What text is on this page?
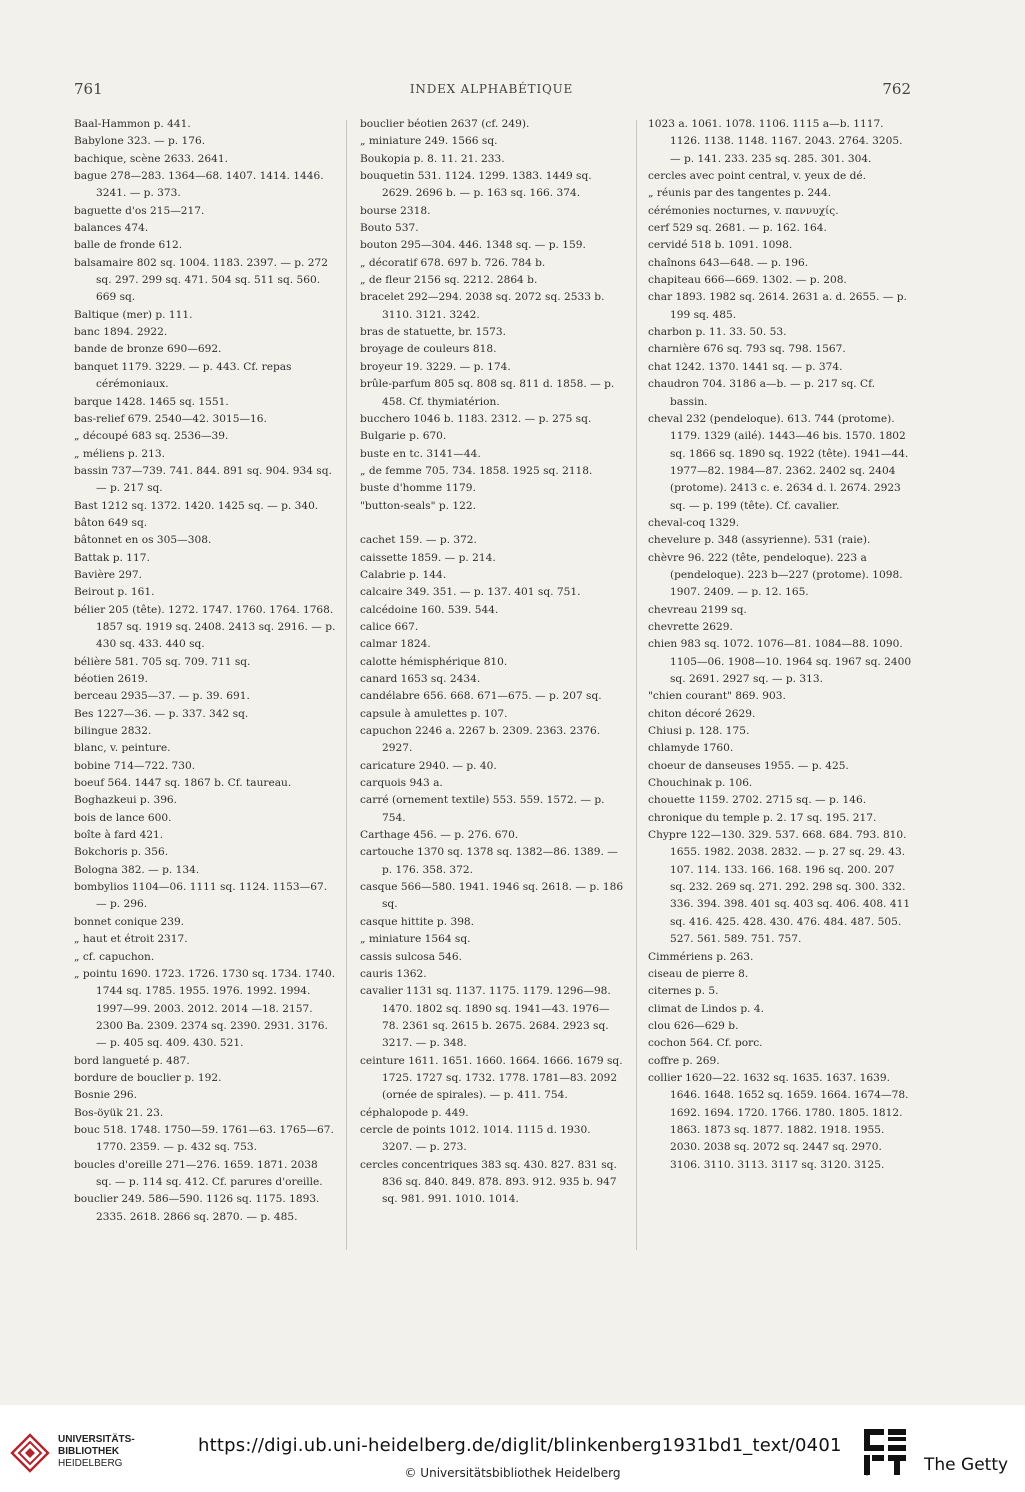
761	INDEX ALPHABÉTIQUE	762
Baal-Hammon p. 441.
Babylone 323. — p. 176.
bachique, scène 2633. 2641.
bague 278—283. 1364—68. 1407. 1414. 1446. 3241. — p. 373.
baguette d'os 215—217.
balances 474.
balle de fronde 612.
balsamaire 802 sq. 1004. 1183. 2397. — p. 272 sq. 297. 299 sq. 471. 504 sq. 511 sq. 560. 669 sq.
Baltique (mer) p. 111.
banc 1894. 2922.
bande de bronze 690—692.
banquet 1179. 3229. — p. 443. Cf. repas cérémoniaux.
barque 1428. 1465 sq. 1551.
bas-relief 679. 2540—42. 3015—16.
„ découpé 683 sq. 2536—39.
„ méliens p. 213.
bassin 737—739. 741. 844. 891 sq. 904. 934 sq. — p. 217 sq.
Bast 1212 sq. 1372. 1420. 1425 sq. — p. 340.
bâton 649 sq.
bâtonnet en os 305—308.
Battak p. 117.
Bavière 297.
Beirout p. 161.
bélier 205 (tête). 1272. 1747. 1760. 1764. 1768. 1857 sq. 1919 sq. 2408. 2413 sq. 2916. — p. 430 sq. 433. 440 sq.
bélière 581. 705 sq. 709. 711 sq.
béotien 2619.
berceau 2935—37. — p. 39. 691.
Bes 1227—36. — p. 337. 342 sq.
bilingue 2832.
blanc, v. peinture.
bobine 714—722. 730.
boeuf 564. 1447 sq. 1867 b. Cf. taureau.
Boghazkeui p. 396.
bois de lance 600.
boîte à fard 421.
Bokchoris p. 356.
Bologna 382. — p. 134.
bombylios 1104—06. 1111 sq. 1124. 1153—67. — p. 296.
bonnet conique 239.
„ haut et étroit 2317.
„ cf. capuchon.
„ pointu 1690. 1723. 1726. 1730 sq. 1734. 1740. 1744 sq. 1785. 1955. 1976. 1992. 1994. 1997—99. 2003. 2012. 2014 —18. 2157. 2300 Ba. 2309. 2374 sq. 2390. 2931. 3176. — p. 405 sq. 409. 430. 521.
bord langueté p. 487.
bordure de bouclier p. 192.
Bosnie 296.
Bos-öyük 21. 23.
bouc 518. 1748. 1750—59. 1761—63. 1765—67. 1770. 2359. — p. 432 sq. 753.
boucles d'oreille 271—276. 1659. 1871. 2038 sq. — p. 114 sq. 412. Cf. parures d'oreille.
bouclier 249. 586—590. 1126 sq. 1175. 1893. 2335. 2618. 2866 sq. 2870. — p. 485.
bouclier béotien 2637 (cf. 249).
„ miniature 249. 1566 sq.
Boukopia p. 8. 11. 21. 233.
bouquetin 531. 1124. 1299. 1383. 1449 sq. 2629. 2696 b. — p. 163 sq. 166. 374.
bourse 2318.
Bouto 537.
bouton 295—304. 446. 1348 sq. — p. 159.
„ décoratif 678. 697 b. 726. 784 b.
„ de fleur 2156 sq. 2212. 2864 b.
bracelet 292—294. 2038 sq. 2072 sq. 2533 b. 3110. 3121. 3242.
bras de statuette, br. 1573.
broyage de couleurs 818.
broyeur 19. 3229. — p. 174.
brûle-parfum 805 sq. 808 sq. 811 d. 1858. — p. 458. Cf. thymiatérion.
bucchero 1046 b. 1183. 2312. — p. 275 sq.
Bulgarie p. 670.
buste en tc. 3141—44.
„ de femme 705. 734. 1858. 1925 sq. 2118.
buste d'homme 1179.
"button-seals" p. 122.
cachet 159. — p. 372.
caissette 1859. — p. 214.
Calabrie p. 144.
calcaire 349. 351. — p. 137. 401 sq. 751.
calcédoine 160. 539. 544.
calice 667.
calmar 1824.
calotte hémisphérique 810.
canard 1653 sq. 2434.
candélabre 656. 668. 671—675. — p. 207 sq.
capsule à amulettes p. 107.
capuchon 2246 a. 2267 b. 2309. 2363. 2376. 2927.
caricature 2940. — p. 40.
carquois 943 a.
carré (ornement textile) 553. 559. 1572. — p. 754.
Carthage 456. — p. 276. 670.
cartouche 1370 sq. 1378 sq. 1382—86. 1389. — p. 176. 358. 372.
casque 566—580. 1941. 1946 sq. 2618. — p. 186 sq.
casque hittite p. 398.
„ miniature 1564 sq.
cassis sulcosa 546.
cauris 1362.
cavalier 1131 sq. 1137. 1175. 1179. 1296—98. 1470. 1802 sq. 1890 sq. 1941—43. 1976—78. 2361 sq. 2615 b. 2675. 2684. 2923 sq. 3217. — p. 348.
ceinture 1611. 1651. 1660. 1664. 1666. 1679 sq. 1725. 1727 sq. 1732. 1778. 1781—83. 2092 (ornée de spirales). — p. 411. 754.
céphalopode p. 449.
cercle de points 1012. 1014. 1115 d. 1930. 3207. — p. 273.
cercles concentriques 383 sq. 430. 827. 831 sq. 836 sq. 840. 849. 878. 893. 912. 935 b. 947 sq. 981. 991. 1010. 1014.
1023 a. 1061. 1078. 1106. 1115 a—b. 1117. 1126. 1138. 1148. 1167. 2043. 2764. 3205. — p. 141. 233. 235 sq. 285. 301. 304.
cercles avec point central, v. yeux de dé.
„ réunis par des tangentes p. 244.
cérémonies nocturnes, v. παννυχίς.
cerf 529 sq. 2681. — p. 162. 164.
cervidé 518 b. 1091. 1098.
chaînons 643—648. — p. 196.
chapiteau 666—669. 1302. — p. 208.
char 1893. 1982 sq. 2614. 2631 a. d. 2655. — p. 199 sq. 485.
charbon p. 11. 33. 50. 53.
charnière 676 sq. 793 sq. 798. 1567.
chat 1242. 1370. 1441 sq. — p. 374.
chaudron 704. 3186 a—b. — p. 217 sq. Cf. bassin.
cheval 232 (pendeloque). 613. 744 (protome). 1179. 1329 (ailé). 1443—46 bis. 1570. 1802 sq. 1866 sq. 1890 sq. 1922 (tête). 1941—44. 1977—82. 1984—87. 2362. 2402 sq. 2404 (protome). 2413 c. e. 2634 d. l. 2674. 2923 sq. — p. 199 (tête). Cf. cavalier.
cheval-coq 1329.
chevelure p. 348 (assyrienne). 531 (raie).
chèvre 96. 222 (tête, pendeloque). 223 a (pendeloque). 223 b—227 (protome). 1098. 1907. 2409. — p. 12. 165.
chevreau 2199 sq.
chevrette 2629.
chien 983 sq. 1072. 1076—81. 1084—88. 1090. 1105—06. 1908—10. 1964 sq. 1967 sq. 2400 sq. 2691. 2927 sq. — p. 313.
"chien courant" 869. 903.
chiton décoré 2629.
Chiusi p. 128. 175.
chlamyde 1760.
choeur de danseuses 1955. — p. 425.
Chouchinak p. 106.
chouette 1159. 2702. 2715 sq. — p. 146.
chronique du temple p. 2. 17 sq. 195. 217.
Chypre 122—130. 329. 537. 668. 684. 793. 810. 1655. 1982. 2038. 2832. — p. 27 sq. 29. 43. 107. 114. 133. 166. 168. 196 sq. 200. 207 sq. 232. 269 sq. 271. 292. 298 sq. 300. 332. 336. 394. 398. 401 sq. 403 sq. 406. 408. 411 sq. 416. 425. 428. 430. 476. 484. 487. 505. 527. 561. 589. 751. 757.
Cimmériens p. 263.
ciseau de pierre 8.
citernes p. 5.
climat de Lindos p. 4.
clou 626—629 b.
cochon 564. Cf. porc.
coffre p. 269.
collier 1620—22. 1632 sq. 1635. 1637. 1639. 1646. 1648. 1652 sq. 1659. 1664. 1674—78. 1692. 1694. 1720. 1766. 1780. 1805. 1812. 1863. 1873 sq. 1877. 1882. 1918. 1955. 2030. 2038 sq. 2072 sq. 2447 sq. 2970. 3106. 3110. 3113. 3117 sq. 3120. 3125.
UNIVERSITÄTS-
BIBLIOTHEK
HEIDELBERG
https://digi.ub.uni-heidelberg.de/diglit/blinkenberg1931bd1_text/0401
© Universitätsbibliothek Heidelberg	The Getty
